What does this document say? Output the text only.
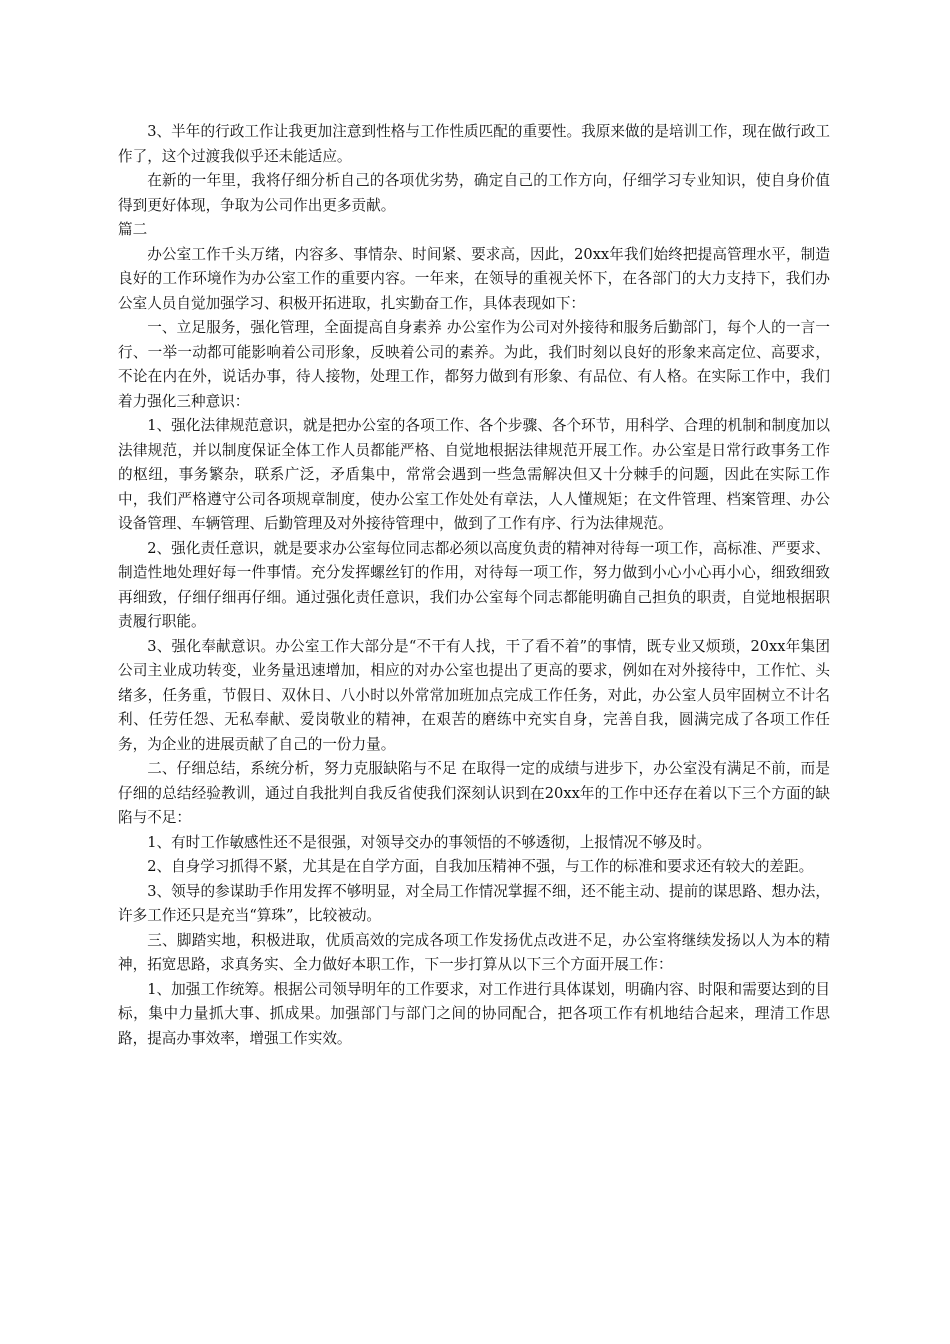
3、半年的行政工作让我更加注意到性格与工作性质匹配的重要性。我原来做的是培训工作，现在做行政工作了，这个过渡我似乎还未能适应。

在新的一年里，我将仔细分析自己的各项优劣势，确定自己的工作方向，仔细学习专业知识，使自身价值得到更好体现，争取为公司作出更多贡献。

篇二

办公室工作千头万绪，内容多、事情杂、时间紧、要求高，因此，20xx年我们始终把提高管理水平，制造良好的工作环境作为办公室工作的重要内容。一年来，在领导的重视关怀下，在各部门的大力支持下，我们办公室人员自觉加强学习、积极开拓进取，扎实勤奋工作，具体表现如下：

一、立足服务，强化管理，全面提高自身素养 办公室作为公司对外接待和服务后勤部门，每个人的一言一行、一举一动都可能影响着公司形象，反映着公司的素养。为此，我们时刻以良好的形象来高定位、高要求，不论在内在外，说话办事，待人接物，处理工作，都努力做到有形象、有品位、有人格。在实际工作中，我们着力强化三种意识：

1、强化法律规范意识，就是把办公室的各项工作、各个步骤、各个环节，用科学、合理的机制和制度加以法律规范，并以制度保证全体工作人员都能严格、自觉地根据法律规范开展工作。办公室是日常行政事务工作的枢纽，事务繁杂，联系广泛，矛盾集中，常常会遇到一些急需解决但又十分棘手的问题，因此在实际工作中，我们严格遵守公司各项规章制度，使办公室工作处处有章法，人人懂规矩；在文件管理、档案管理、办公设备管理、车辆管理、后勤管理及对外接待管理中，做到了工作有序、行为法律规范。

2、强化责任意识，就是要求办公室每位同志都必须以高度负责的精神对待每一项工作，高标准、严要求、制造性地处理好每一件事情。充分发挥螺丝钉的作用，对待每一项工作，努力做到小心小心再小心，细致细致再细致，仔细仔细再仔细。通过强化责任意识，我们办公室每个同志都能明确自己担负的职责，自觉地根据职责履行职能。

3、强化奉献意识。办公室工作大部分是“不干有人找，干了看不着”的事情，既专业又烦琐，20xx年集团公司主业成功转变，业务量迅速增加，相应的对办公室也提出了更高的要求，例如在对外接待中，工作忙、头绪多，任务重，节假日、双休日、八小时以外常常加班加点完成工作任务，对此，办公室人员牢固树立不计名利、任劳任怨、无私奉献、爱岗敬业的精神，在艰苦的磨练中充实自身，完善自我，圆满完成了各项工作任务，为企业的进展贡献了自己的一份力量。

二、仔细总结，系统分析，努力克服缺陷与不足 在取得一定的成绩与进步下，办公室没有满足不前，而是仔细的总结经验教训，通过自我批判自我反省使我们深刻认识到在20xx年的工作中还存在着以下三个方面的缺陷与不足：

1、有时工作敏感性还不是很强，对领导交办的事领悟的不够透彻，上报情况不够及时。

2、自身学习抓得不紧，尤其是在自学方面，自我加压精神不强，与工作的标准和要求还有较大的差距。

3、领导的参谋助手作用发挥不够明显，对全局工作情况掌握不细，还不能主动、提前的谋思路、想办法，许多工作还只是充当“算珠”，比较被动。

三、脚踏实地，积极进取，优质高效的完成各项工作发扬优点改进不足，办公室将继续发扬以人为本的精神，拓宽思路，求真务实、全力做好本职工作，下一步打算从以下三个方面开展工作：

1、加强工作统筹。根据公司领导明年的工作要求，对工作进行具体谋划，明确内容、时限和需要达到的目标，集中力量抓大事、抓成果。加强部门与部门之间的协同配合，把各项工作有机地结合起来，理清工作思路，提高办事效率，增强工作实效。
